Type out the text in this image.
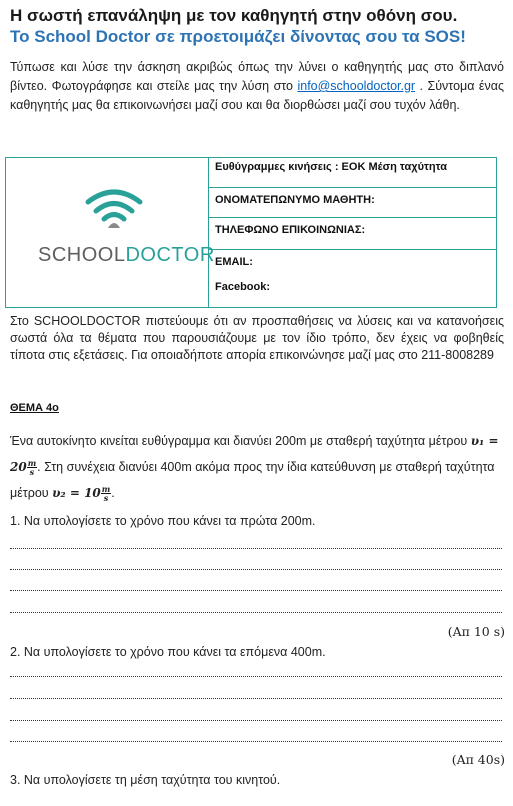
Η σωστή επανάληψη με τον καθηγητή στην οθόνη σου.
Το School Doctor σε προετοιμάζει δίνοντας σου τα SOS!
Τύπωσε και λύσε την άσκηση ακριβώς όπως την λύνει ο καθηγητής μας στο διπλανό βίντεο. Φωτογράφησε και στείλε μας την λύση στο info@schooldoctor.gr . Σύντομα ένας καθηγητής μας θα επικοινωνήσει μαζί σου και θα διορθώσει μαζί σου τυχόν λάθη.
SCHOOLDOCTOR
Ευθύγραμμες κινήσεις : ΕΟΚ Μέση ταχύτητα
ΟΝΟΜΑΤΕΠΩΝΥΜΟ ΜΑΘΗΤΗ:
ΤΗΛΕΦΩΝΟ ΕΠΙΚΟΙΝΩΝΙΑΣ:
EMAIL:
Facebook:
Στο SCHOOLDOCTOR πιστεύουμε ότι αν προσπαθήσεις να λύσεις και να κατανοήσεις σωστά όλα τα θέματα που παρουσιάζουμε με τον ίδιο τρόπο, δεν έχεις να φοβηθείς τίποτα στις εξετάσεις. Για οποιαδήποτε απορία επικοινώνησε μαζί μας στο 211-8008289
ΘΕΜΑ 4ο
Ένα αυτοκίνητο κινείται ευθύγραμμα και διανύει 200m με σταθερή ταχύτητα μέτρου $\upsilon_1 = 20 \frac{m}{s}$ . Στη συνέχεια διανύει 400m ακόμα προς την ίδια κατεύθυνση με σταθερή ταχύτητα μέτρου $\upsilon_2 = 10 \frac{m}{s}$ .
1. Να υπολογίσετε το χρόνο που κάνει τα πρώτα 200m.
(Απ 10 s)
2. Να υπολογίσετε το χρόνο που κάνει τα επόμενα 400m.
(Απ 40s)
3. Να υπολογίσετε τη μέση ταχύτητα του κινητού.
